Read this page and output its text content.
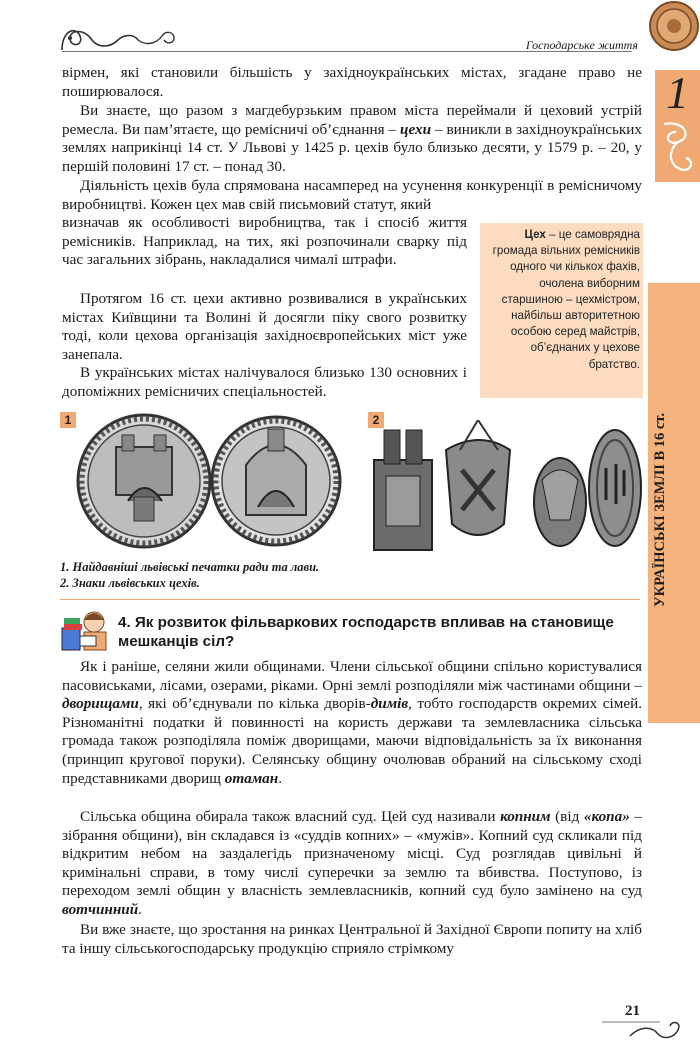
Господарське життя
1
УКРАЇНСЬКІ ЗЕМЛІ В 16 ст.
вірмен, які становили більшість у західноукраїнських містах, згадане право не поширювалося.
Ви знаєте, що разом з магдебурзьким правом міста переймали й цеховий устрій ремесла. Ви пам’ятаєте, що ремісничі об’єднання – цехи – виникли в західноукраїнських землях наприкінці 14 ст. У Львові у 1425 р. цехів було близько десяти, у 1579 р. – 20, у першій половині 17 ст. – понад 30.
Діяльність цехів була спрямована насамперед на усунення конкуренції в ремісничому виробництві. Кожен цех мав свій письмовий статут, який
визначав як особливості виробництва, так і спосіб життя ремісників. Наприклад, на тих, які розпочинали сварку під час загальних зібрань, накладалися чималі штрафи.
Протягом 16 ст. цехи активно розвивалися в українських містах Київщини та Волині й досягли піку свого розвитку тоді, коли цехова організація західноєвропейських міст уже занепала.
В українських містах налічувалося близько 130 основних і допоміжних ремісничих спеціальностей.
Цех – це самоврядна громада вільних ремісників одного чи кількох фахів, очолена виборним старшиною – цехмістром, найбільш авторитетною особою серед майстрів, об’єднаних у цехове братство.
1	2
1. Найдавніші львівські печатки ради та лави.
2. Знаки львівських цехів.
4. Як розвиток фільваркових господарств впливав на становище мешканців сіл?
Як і раніше, селяни жили общинами. Члени сільської общини спільно користувалися пасовиськами, лісами, озерами, ріками. Орні землі розподіляли між частинами общини – дворищами, які об’єднували по кілька дворів-димів, тобто господарств окремих сімей. Різноманітні податки й повинності на користь держави та землевласника сільська громада також розподіляла поміж дворищами, маючи відповідальність за їх виконання (принцип кругової поруки). Селянську общину очолював обраний на сільському сході представниками дворищ отаман.
Сільська община обирала також власний суд. Цей суд називали копним (від «копа» – зібрання общини), він складався із «суддів копних» – «мужів». Копний суд скликали під відкритим небом на заздалегідь призначеному місці. Суд розглядав цивільні й кримінальні справи, в тому числі суперечки за землю та вбивства. Поступово, із переходом землі общин у власність землевласників, копний суд було замінено на суд вотчинний.
Ви вже знаєте, що зростання на ринках Центральної й Західної Європи попиту на хліб та іншу сільськогосподарську продукцію сприяло стрімкому
21
